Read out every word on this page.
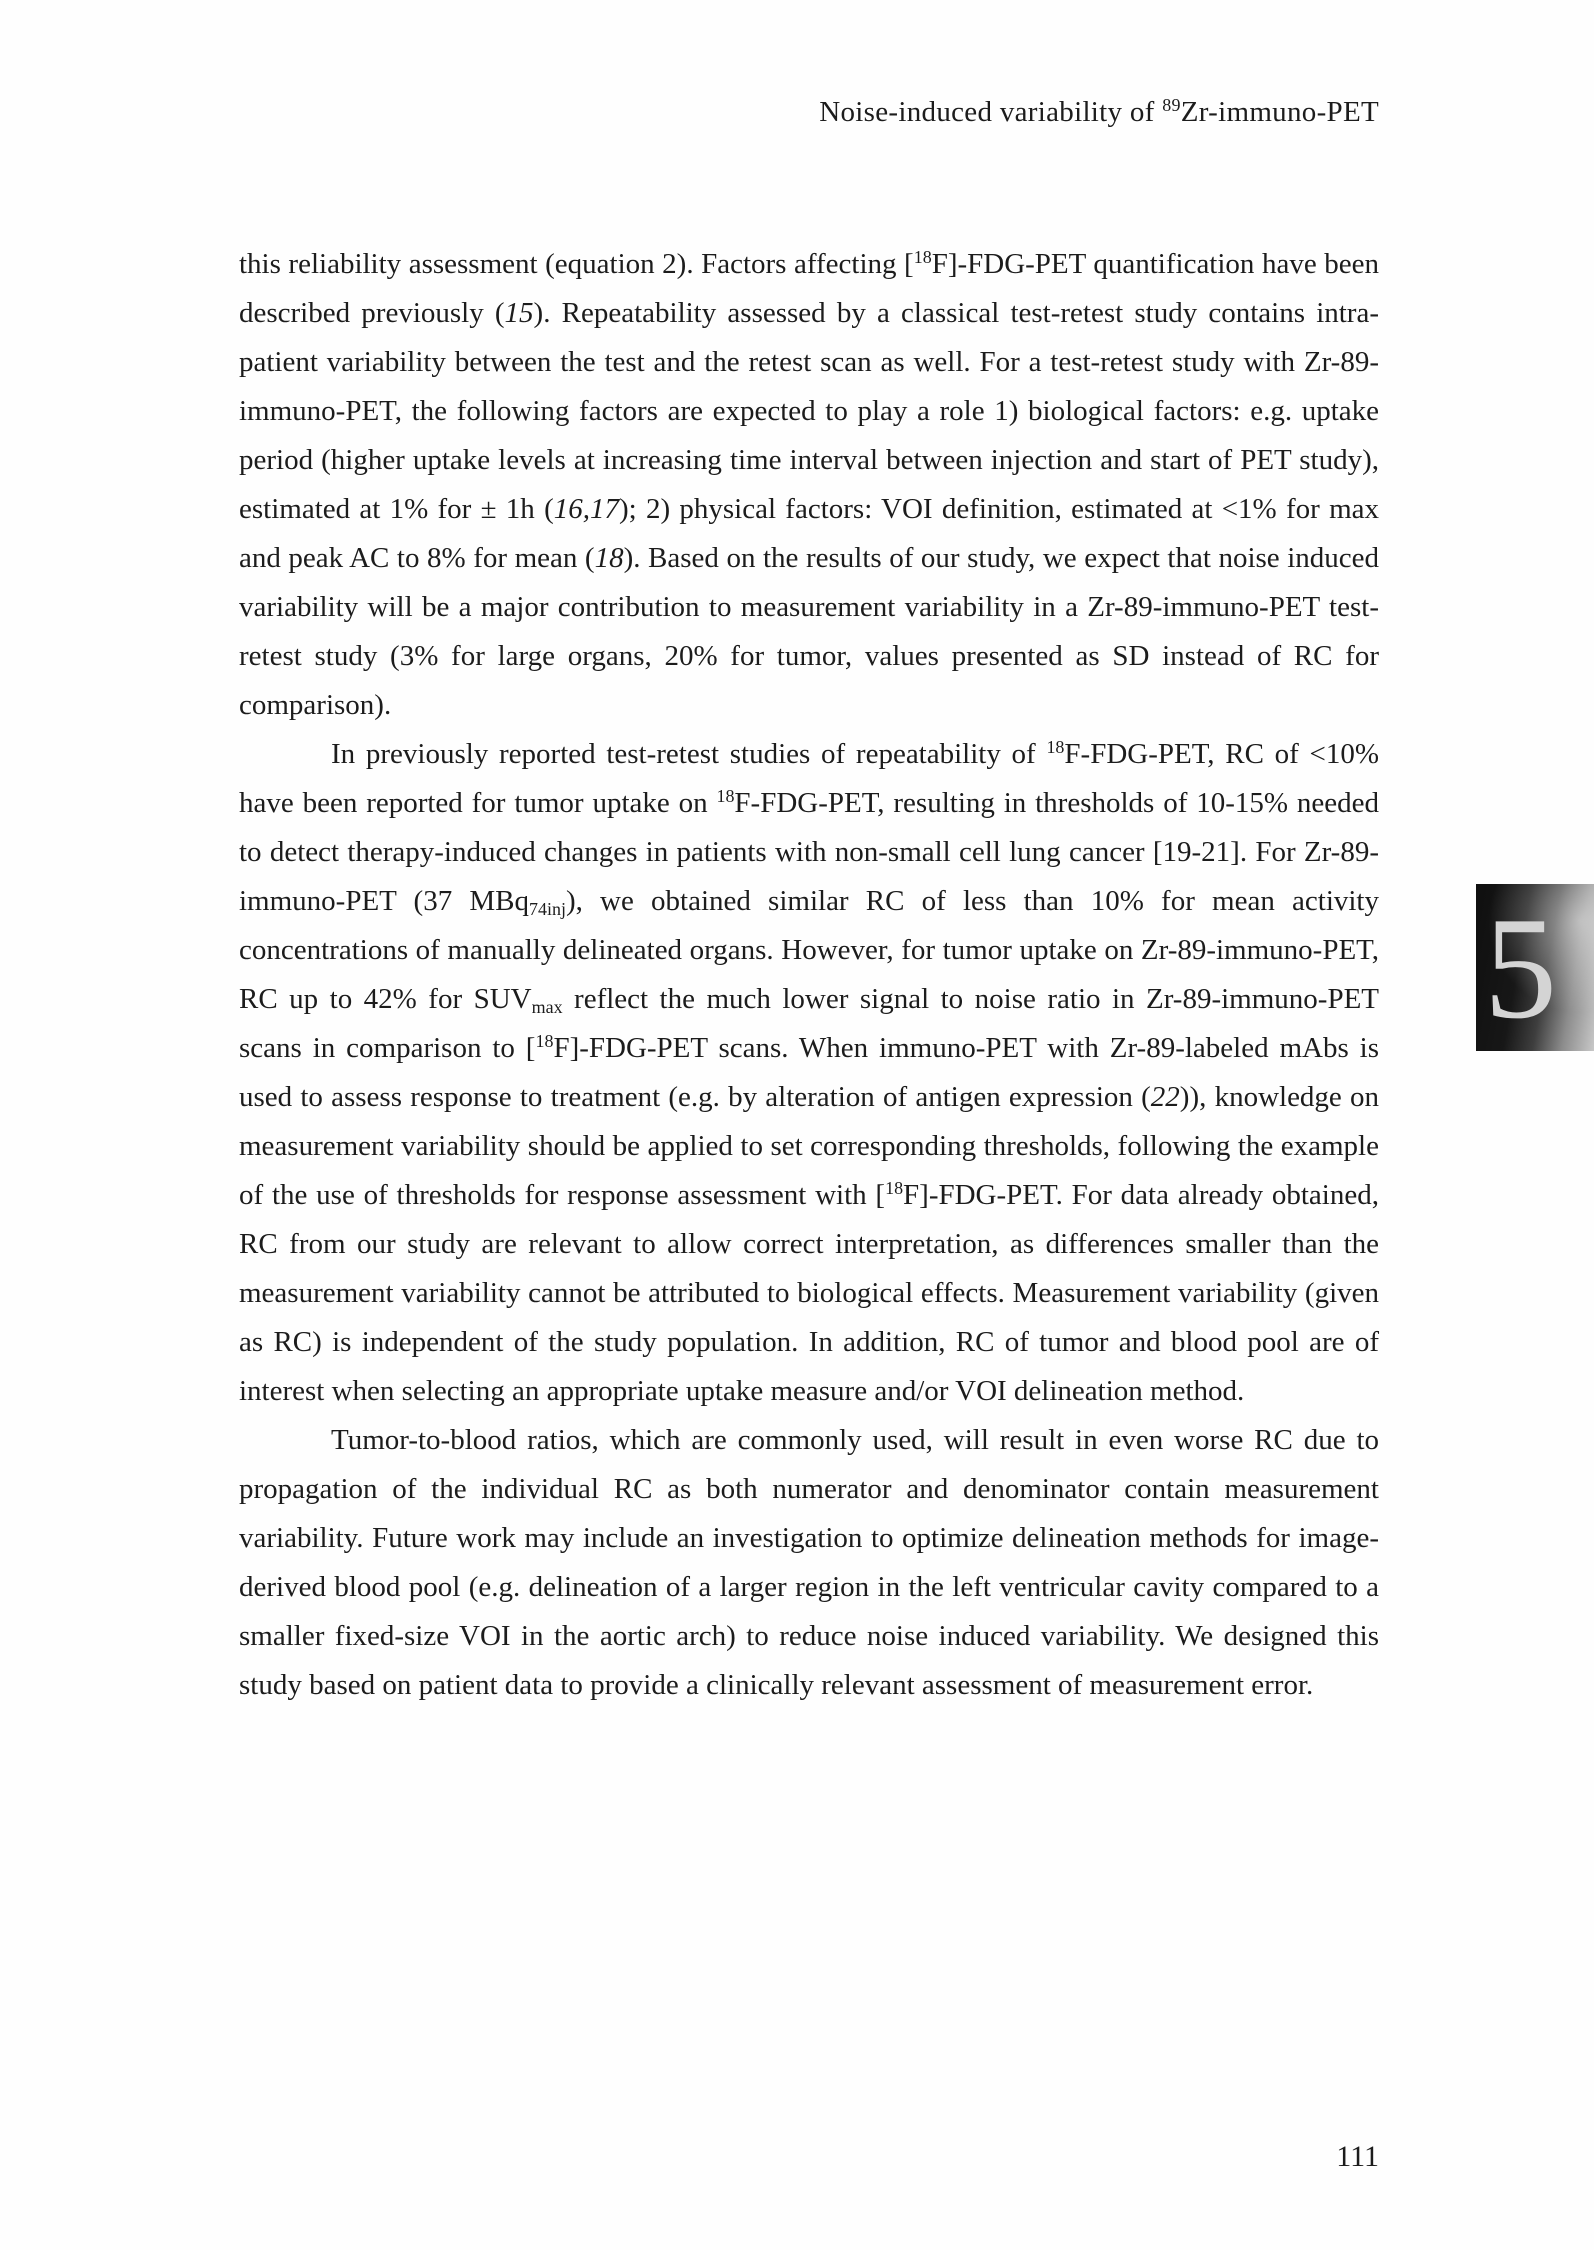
Noise-induced variability of $^{89}$Zr-immuno-PET

this reliability assessment (equation 2). Factors affecting [$^{18}$F]-FDG-PET quantification have been described previously (15). Repeatability assessed by a classical test-retest study contains intra-patient variability between the test and the retest scan as well. For a test-retest study with Zr-89-immuno-PET, the following factors are expected to play a role 1) biological factors: e.g. uptake period (higher uptake levels at increasing time interval between injection and start of PET study), estimated at 1% for ± 1h (16,17); 2) physical factors: VOI definition, estimated at <1% for max and peak AC to 8% for mean (18). Based on the results of our study, we expect that noise induced variability will be a major contribution to measurement variability in a Zr-89-immuno-PET test-retest study (3% for large organs, 20% for tumor, values presented as SD instead of RC for comparison).

In previously reported test-retest studies of repeatability of $^{18}$F-FDG-PET, RC of <10% have been reported for tumor uptake on $^{18}$F-FDG-PET, resulting in thresholds of 10-15% needed to detect therapy-induced changes in patients with non-small cell lung cancer [19-21]. For Zr-89-immuno-PET (37 MBq$_{74inj}$), we obtained similar RC of less than 10% for mean activity concentrations of manually delineated organs. However, for tumor uptake on Zr-89-immuno-PET, RC up to 42% for $SUV_{max}$ reflect the much lower signal to noise ratio in Zr-89-immuno-PET scans in comparison to [$^{18}$F]-FDG-PET scans. When immuno-PET with Zr-89-labeled mAbs is used to assess response to treatment (e.g. by alteration of antigen expression (22)), knowledge on measurement variability should be applied to set corresponding thresholds, following the example of the use of thresholds for response assessment with [$^{18}$F]-FDG-PET. For data already obtained, RC from our study are relevant to allow correct interpretation, as differences smaller than the measurement variability cannot be attributed to biological effects. Measurement variability (given as RC) is independent of the study population. In addition, RC of tumor and blood pool are of interest when selecting an appropriate uptake measure and/or VOI delineation method.

Tumor-to-blood ratios, which are commonly used, will result in even worse RC due to propagation of the individual RC as both numerator and denominator contain measurement variability. Future work may include an investigation to optimize delineation methods for image-derived blood pool (e.g. delineation of a larger region in the left ventricular cavity compared to a smaller fixed-size VOI in the aortic arch) to reduce noise induced variability. We designed this study based on patient data to provide a clinically relevant assessment of measurement error.

5
111
